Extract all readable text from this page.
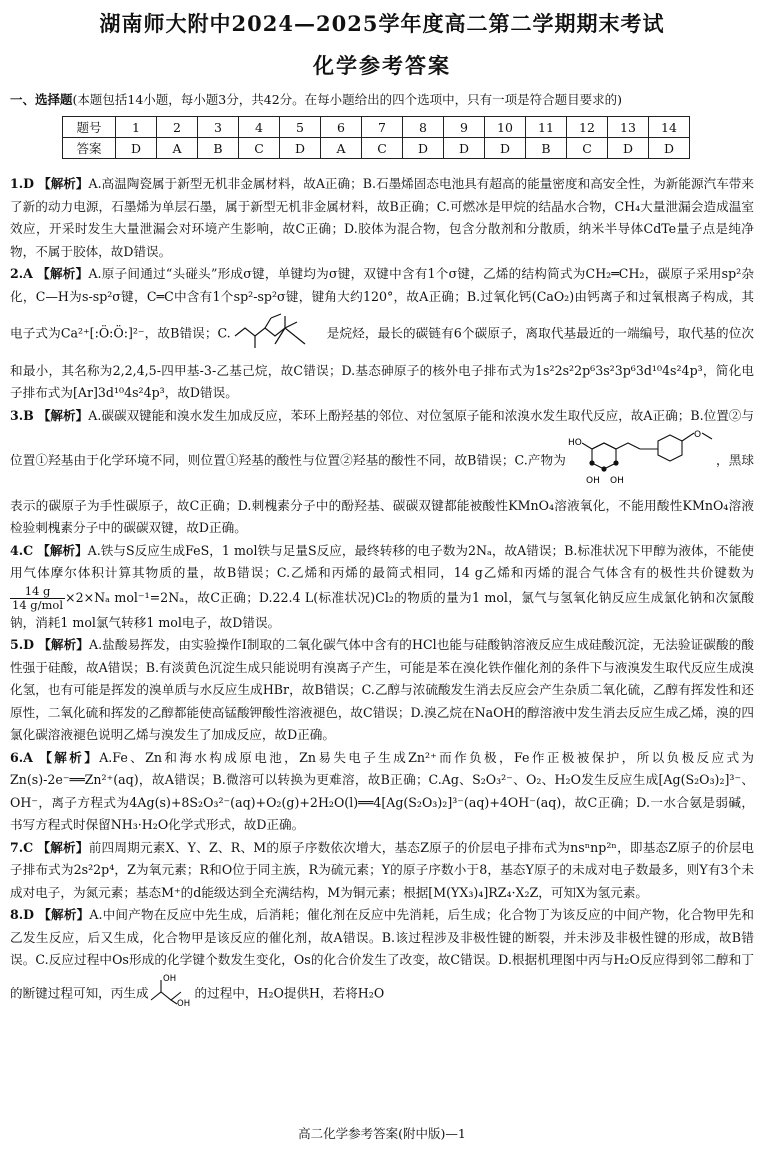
湖南师大附中2024—2025学年度高二第二学期期末考试
化学参考答案
一、选择题(本题包括14小题，每小题3分，共42分。在每小题给出的四个选项中，只有一项是符合题目要求的)
题号	1	2	3	4	5	6	7	8	9	10	11	12	13	14
答案	D	A	B	C	D	A	C	D	D	D	B	C	D	D

1.D 【解析】A.高温陶瓷属于新型无机非金属材料，故A正确；B.石墨烯固态电池具有超高的能量密度和高安全性，为新能源汽车带来了新的动力电源，石墨烯为单层石墨，属于新型无机非金属材料，故B正确；C.可燃冰是甲烷的结晶水合物，CH₄大量泄漏会造成温室效应，开采时发生大量泄漏会对环境产生影响，故C正确；D.胶体为混合物，包含分散剂和分散质，纳米半导体CdTe量子点是纯净物，不属于胶体，故D错误。

2.A 【解析】A.原子间通过“头碰头”形成σ键，单键均为σ键，双键中含有1个σ键，乙烯的结构简式为CH₂═CH₂，碳原子采用sp²杂化，C—H为s-sp²σ键，C═C中含有1个sp²-sp²σ键，键角大约120°，故A正确；B.过氧化钙(CaO₂)由钙离子和过氧根离子构成，其电子式为Ca²⁺[:Ö:Ö:]²⁻，故B错误；C.	是烷烃，最长的碳链有6个碳原子，离取代基最近的一端编号，取代基的位次和最小，其名称为2,2,4,5-四甲基-3-乙基己烷，故C错误；D.基态砷原子的核外电子排布式为1s²2s²2p⁶3s²3p⁶3d¹⁰4s²4p³，简化电子排布式为[Ar]3d¹⁰4s²4p³，故D错误。

3.B 【解析】A.碳碳双键能和溴水发生加成反应，苯环上酚羟基的邻位、对位氢原子能和浓溴水发生取代反应，故A正确；B.位置②与位置①羟基由于化学环境不同，则位置①羟基的酸性与位置②羟基的酸性不同，故B错误；C.产物为
HO
OH OH
O
，黑球表示的碳原子为手性碳原子，故C正确；D.刺槐素分子中的酚羟基、碳碳双键都能被酸性KMnO₄溶液氧化，不能用酸性KMnO₄溶液检验刺槐素分子中的碳碳双键，故D正确。

4.C 【解析】A.铁与S反应生成FeS，1 mol铁与足量S反应，最终转移的电子数为2Nₐ，故A错误；B.标准状况下甲醇为液体，不能使用气体摩尔体积计算其物质的量，故B错误；C.乙烯和丙烯的最简式相同，14 g乙烯和丙烯的混合气体含有的极性共价键数为
14 g
14 g/mol ×2×Nₐ mol⁻¹=2Nₐ，故C正确；D.22.4 L(标准状况)Cl₂的物质的量为1 mol，氯气与氢氧化钠反应生成氯化钠和次氯酸钠，消耗1 mol氯气转移1 mol电子，故D错误。

5.D 【解析】A.盐酸易挥发，由实验操作Ⅰ制取的二氧化碳气体中含有的HCl也能与硅酸钠溶液反应生成硅酸沉淀，无法验证碳酸的酸性强于硅酸，故A错误；B.有淡黄色沉淀生成只能说明有溴离子产生，可能是苯在溴化铁作催化剂的条件下与液溴发生取代反应生成溴化氢，也有可能是挥发的溴单质与水反应生成HBr，故B错误；C.乙醇与浓硫酸发生消去反应会产生杂质二氧化硫，乙醇有挥发性和还原性，二氧化硫和挥发的乙醇都能使高锰酸钾酸性溶液褪色，故C错误；D.溴乙烷在NaOH的醇溶液中发生消去反应生成乙烯，溴的四氯化碳溶液褪色说明乙烯与溴发生了加成反应，故D正确。

6.A 【解析】A.Fe、Zn和海水构成原电池，Zn易失电子生成Zn²⁺而作负极，Fe作正极被保护，所以负极反应式为Zn(s)-2e⁻══Zn²⁺(aq)，故A错误；B.微溶可以转换为更难溶，故B正确；C.Ag、S₂O₃²⁻、O₂、H₂O发生反应生成[Ag(S₂O₃)₂]³⁻、OH⁻，离子方程式为4Ag(s)+8S₂O₃²⁻(aq)+O₂(g)+2H₂O(l)══4[Ag(S₂O₃)₂]³⁻(aq)+4OH⁻(aq)，故C正确；D.一水合氨是弱碱，书写方程式时保留NH₃·H₂O化学式形式，故D正确。

7.C 【解析】前四周期元素X、Y、Z、R、M的原子序数依次增大，基态Z原子的价层电子排布式为nsⁿnp²ⁿ，即基态Z原子的价层电子排布式为2s²2p⁴，Z为氧元素；R和O位于同主族，R为硫元素；Y的原子序数小于8，基态Y原子的未成对电子数最多，则Y有3个未成对电子，为氮元素；基态M⁺的d能级达到全充满结构，M为铜元素；根据[M(YX₃)₄]RZ₄·X₂Z，可知X为氢元素。

8.D 【解析】A.中间产物在反应中先生成，后消耗；催化剂在反应中先消耗，后生成；化合物丁为该反应的中间产物，化合物甲先和乙发生反应，后又生成，化合物甲是该反应的催化剂，故A错误。B.该过程涉及非极性键的断裂，并未涉及非极性键的形成，故B错误。C.反应过程中Os形成的化学键个数发生变化，Os的化合价发生了改变，故C错误。D.根据机理图中丙与H₂O反应得到邻二醇和丁的断键过程可知，丙生成
OH
OH
的过程中，H₂O提供H，若将H₂O

高二化学参考答案(附中版)—1
